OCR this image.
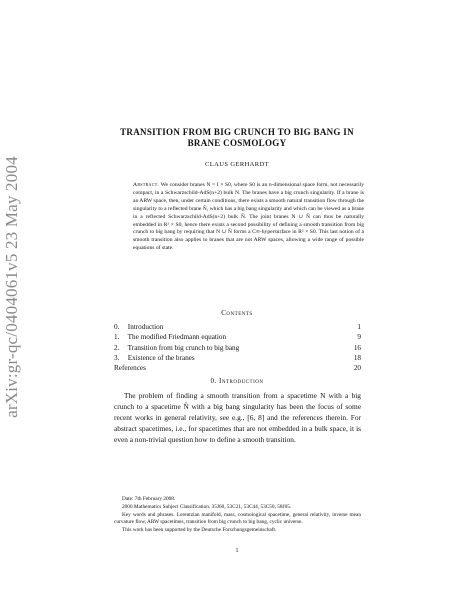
arXiv:gr-qc/0404061v5 23 May 2004
TRANSITION FROM BIG CRUNCH TO BIG BANG IN
BRANE COSMOLOGY
CLAUS GERHARDT
Abstract. We consider branes N = I × S0, where S0 is an n-dimensional space form, not necessarily compact, in a Schwarzschild-AdS(n+2) bulk N. The branes have a big crunch singularity. If a brane is an ARW space, then, under certain conditions, there exists a smooth natural transition flow through the singularity to a reflected brane N̂, which has a big bang singularity and which can be viewed as a brane in a reflected Schwarzschild-AdS(n+2) bulk N̂. The joint branes N ∪ N̂ can thus be naturally embedded in R² × S0, hence there exists a second possibility of defining a smooth transition from big crunch to big bang by requiring that N ∪ N̂ forms a C∞-hypersurface in R² × S0. This last notion of a smooth transition also applies to branes that are not ARW spaces, allowing a wide range of possible equations of state.
Contents
0. Introduction	1
1. The modified Friedmann equation	9
2. Transition from big crunch to big bang	16
3. Existence of the branes	18
References	20
0. Introduction
The problem of finding a smooth transition from a spacetime N with a big crunch to a spacetime N̂ with a big bang singularity has been the focus of some recent works in general relativity, see e.g., [6, 8] and the references therein. For abstract spacetimes, i.e., for spacetimes that are not embedded in a bulk space, it is even a non-trivial question how to define a smooth transition.

Date: 7th February 2008.

2000 Mathematics Subject Classification. 35J60, 53C21, 53C44, 53C50, 58J05.

Key words and phrases. Lorentzian manifold, mass, cosmological spacetime, general relativity, inverse mean curvature flow, ARW spacetimes, transition from big crunch to big bang, cyclic universe.

This work has been supported by the Deutsche Forschungsgemeinschaft.

1
